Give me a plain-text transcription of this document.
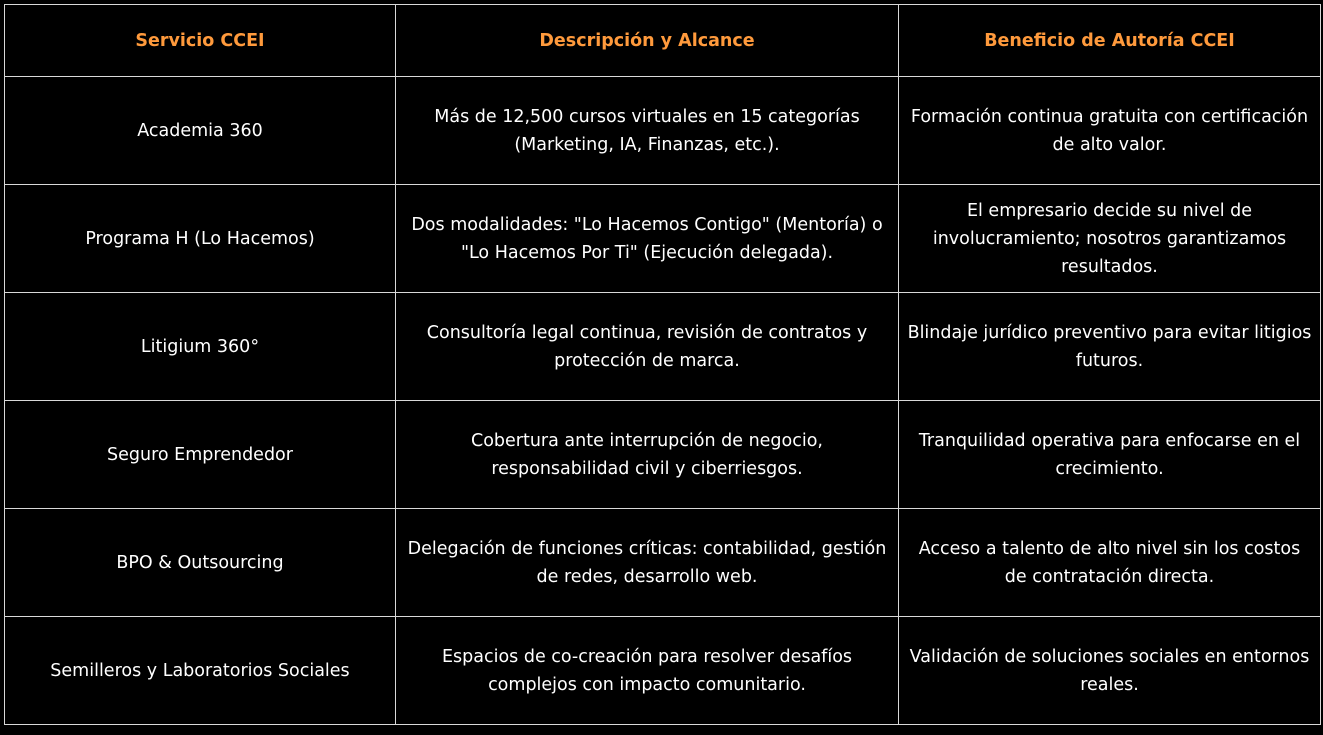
Servicio CCEI	Descripción y Alcance	Beneficio de Autoría CCEI
Academia 360	Más de 12,500 cursos virtuales en 15 categorías (Marketing, IA, Finanzas, etc.).	Formación continua gratuita con certificación de alto valor.
Programa H (Lo Hacemos)	Dos modalidades: "Lo Hacemos Contigo" (Mentoría) o "Lo Hacemos Por Ti" (Ejecución delegada).	El empresario decide su nivel de involucramiento; nosotros garantizamos resultados.
Litigium 360°	Consultoría legal continua, revisión de contratos y protección de marca.	Blindaje jurídico preventivo para evitar litigios futuros.
Seguro Emprendedor	Cobertura ante interrupción de negocio, responsabilidad civil y ciberriesgos.	Tranquilidad operativa para enfocarse en el crecimiento.
BPO & Outsourcing	Delegación de funciones críticas: contabilidad, gestión de redes, desarrollo web.	Acceso a talento de alto nivel sin los costos de contratación directa.
Semilleros y Laboratorios Sociales	Espacios de co-creación para resolver desafíos complejos con impacto comunitario.	Validación de soluciones sociales en entornos reales.
